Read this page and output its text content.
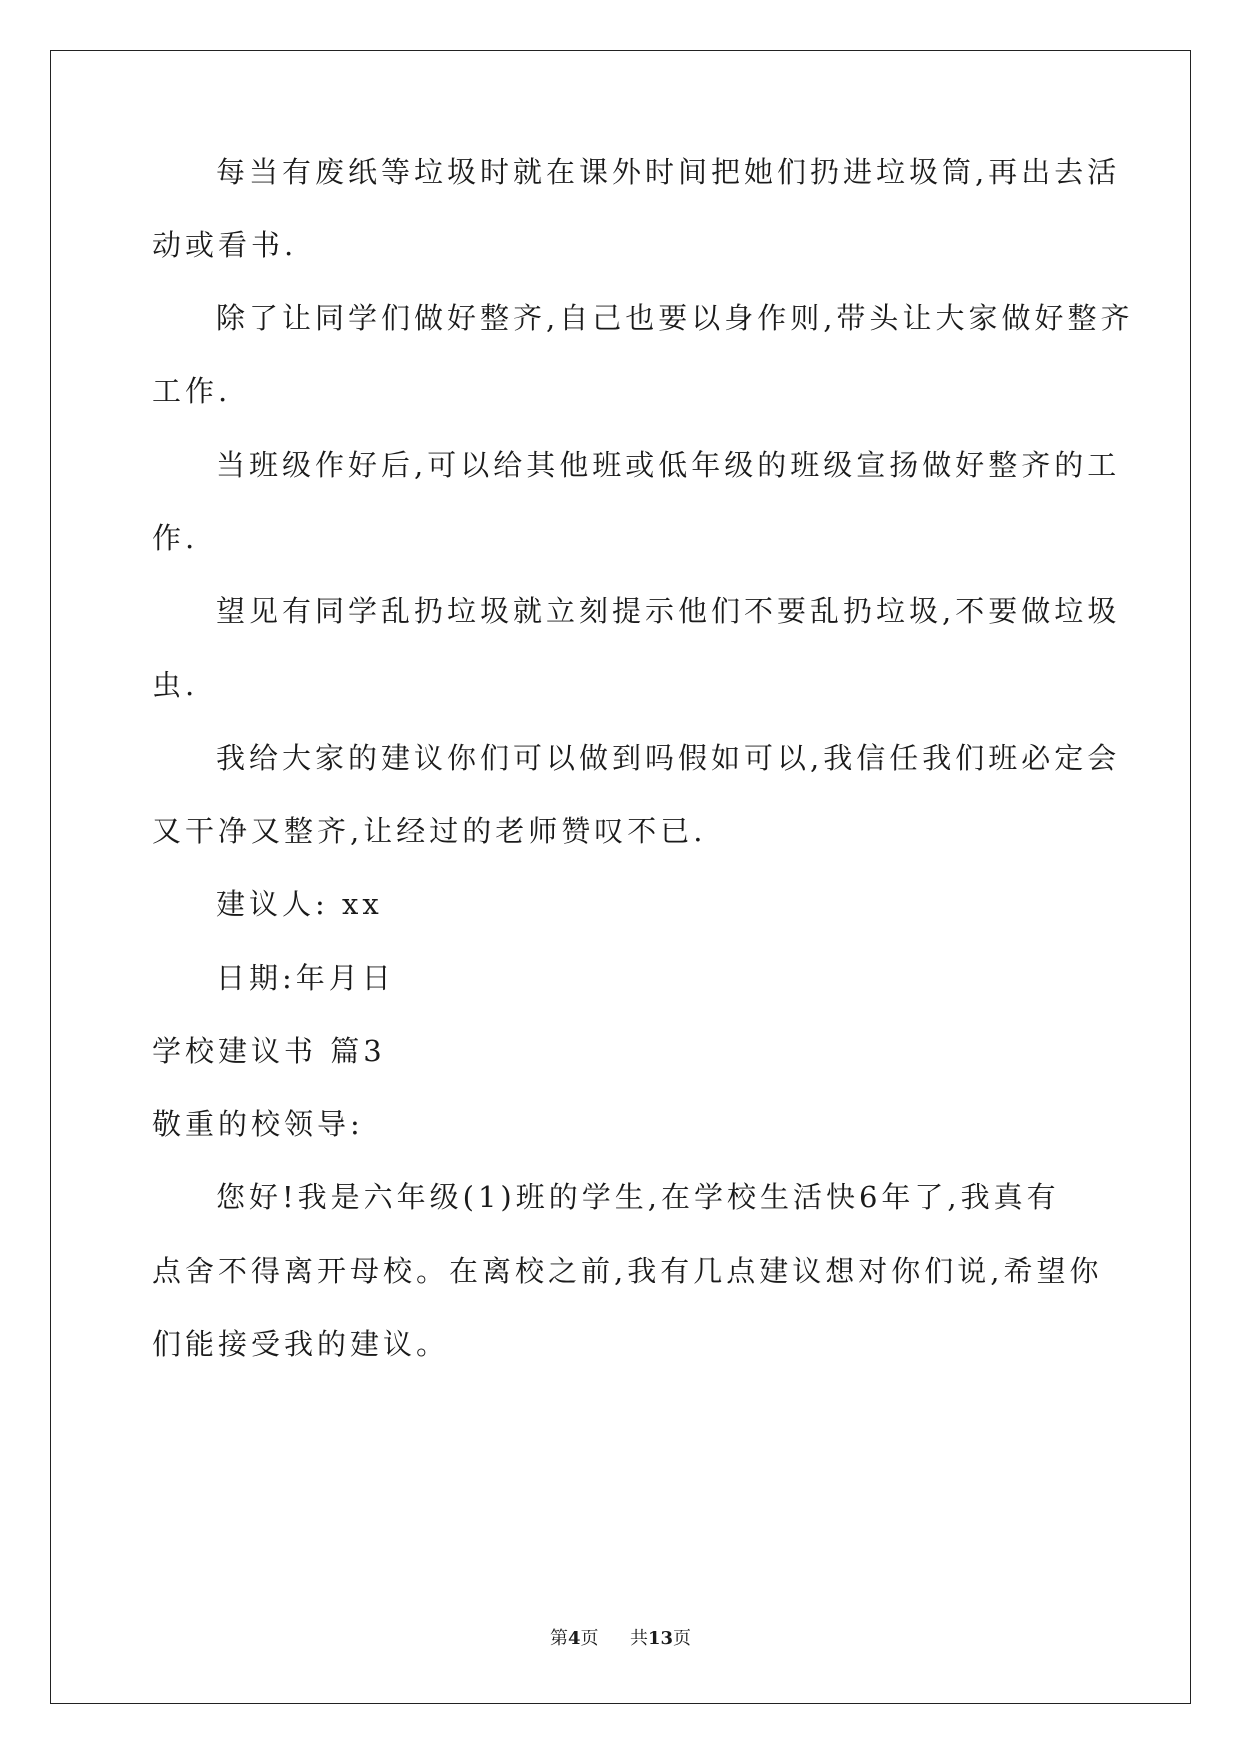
每当有废纸等垃圾时就在课外时间把她们扔进垃圾筒,再出去活
动或看书.
除了让同学们做好整齐,自己也要以身作则,带头让大家做好整齐
工作.
当班级作好后,可以给其他班或低年级的班级宣扬做好整齐的工
作.
望见有同学乱扔垃圾就立刻提示他们不要乱扔垃圾,不要做垃圾
虫.
我给大家的建议你们可以做到吗假如可以,我信任我们班必定会
又干净又整齐,让经过的老师赞叹不已.
建议人: xx
日期:年月日
学校建议书 篇3
敬重的校领导:
您好!我是六年级(1)班的学生,在学校生活快6年了,我真有
点舍不得离开母校。在离校之前,我有几点建议想对你们说,希望你
们能接受我的建议。
第4页 共13页
